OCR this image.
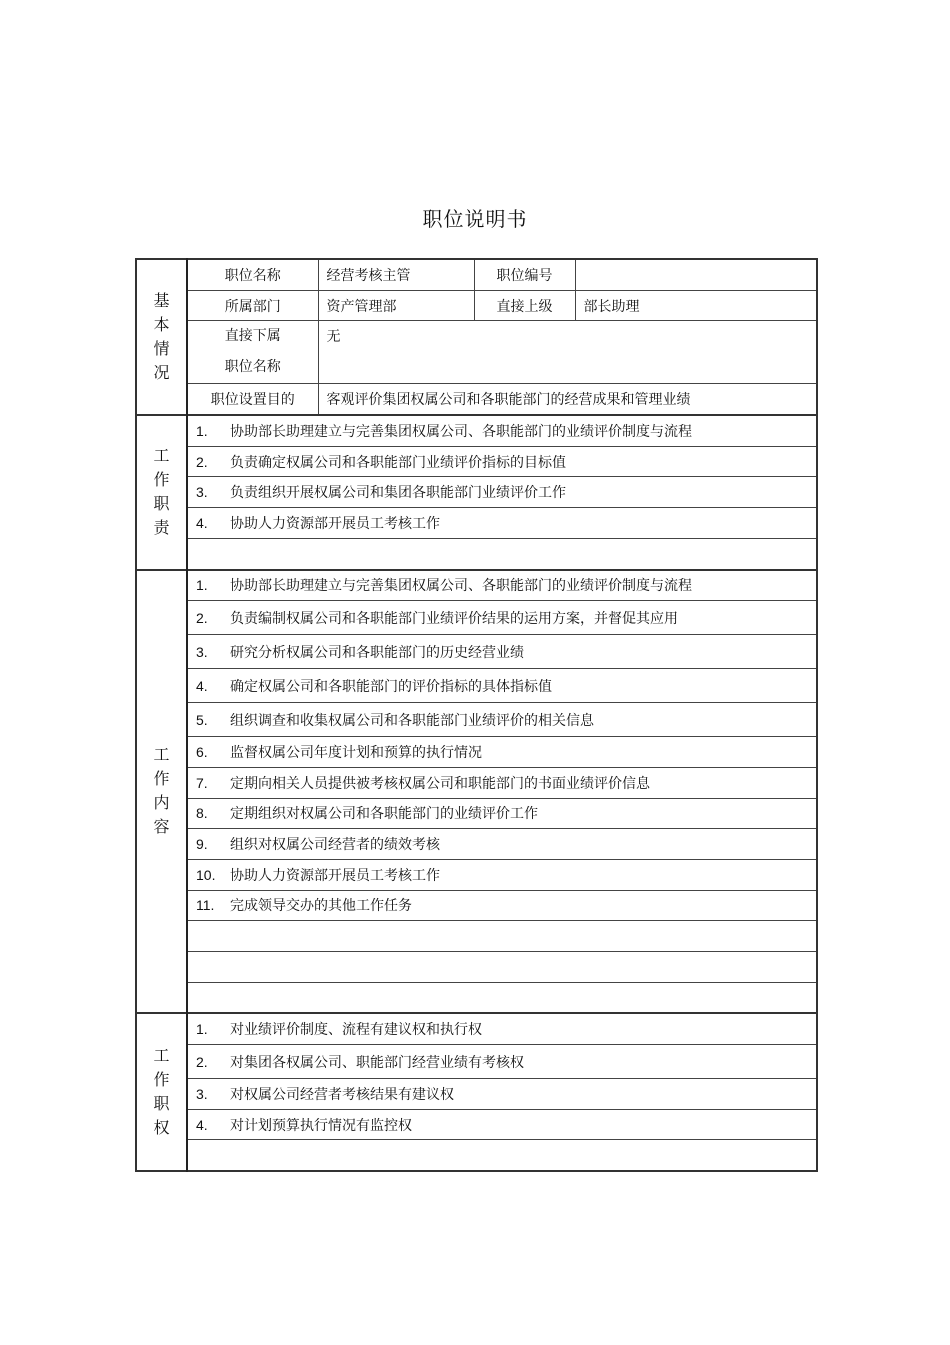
职位说明书
基
本
情
况	职位名称	经营考核主管	职位编号	
	所属部门	资产管理部	直接上级	部长助理

	直接下属
职位名称	无		
	职位设置目的	客观评价集团权属公司和各职能部门的经营成果和管理业绩		

工
作
职
责	1. 协助部长助理建立与完善集团权属公司、各职能部门的业绩评价制度与流程			
	2. 负责确定权属公司和各职能部门业绩评价指标的目标值			
	3. 负责组织开展权属公司和集团各职能部门业绩评价工作			
	4. 协助人力资源部开展员工考核工作			

工
作
内
容	1. 协助部长助理建立与完善集团权属公司、各职能部门的业绩评价制度与流程			
	2. 负责编制权属公司和各职能部门业绩评价结果的运用方案，并督促其应用			
	3. 研究分析权属公司和各职能部门的历史经营业绩			
	4. 确定权属公司和各职能部门的评价指标的具体指标值			
	5. 组织调查和收集权属公司和各职能部门业绩评价的相关信息			
	6. 监督权属公司年度计划和预算的执行情况			
	7. 定期向相关人员提供被考核权属公司和职能部门的书面业绩评价信息			
	8. 定期组织对权属公司和各职能部门的业绩评价工作			
	9. 组织对权属公司经营者的绩效考核			
	10. 协助人力资源部开展员工考核工作			
	11. 完成领导交办的其他工作任务			

工
作
职
权	1. 对业绩评价制度、流程有建议权和执行权			
	2. 对集团各权属公司、职能部门经营业绩有考核权			
	3. 对权属公司经营者考核结果有建议权			
	4. 对计划预算执行情况有监控权			
